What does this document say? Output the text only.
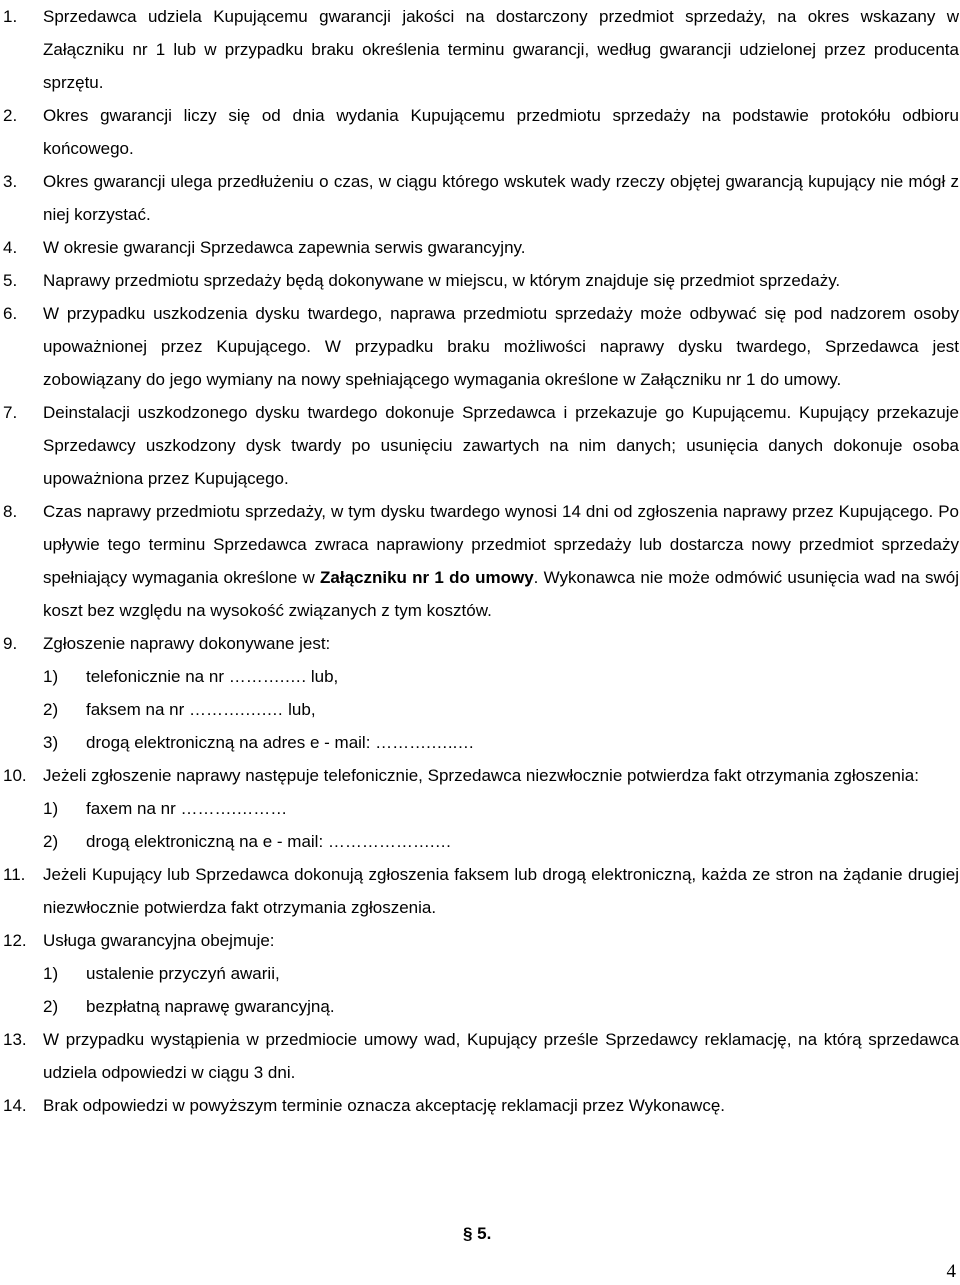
1. Sprzedawca udziela Kupującemu gwarancji jakości na dostarczony przedmiot sprzedaży, na okres wskazany w Załączniku nr 1 lub w przypadku braku określenia terminu gwarancji, według gwarancji udzielonej przez producenta sprzętu.
2. Okres gwarancji liczy się od dnia wydania Kupującemu przedmiotu sprzedaży na podstawie protokółu odbioru końcowego.
3. Okres gwarancji ulega przedłużeniu o czas, w ciągu którego wskutek wady rzeczy objętej gwarancją kupujący nie mógł z niej korzystać.
4. W okresie gwarancji Sprzedawca zapewnia serwis gwarancyjny.
5. Naprawy przedmiotu sprzedaży będą dokonywane w miejscu, w którym znajduje się przedmiot sprzedaży.
6. W przypadku uszkodzenia dysku twardego, naprawa przedmiotu sprzedaży może odbywać się pod nadzorem osoby upoważnionej przez Kupującego. W przypadku braku możliwości naprawy dysku twardego, Sprzedawca jest zobowiązany do jego wymiany na nowy spełniającego wymagania określone w Załączniku nr 1 do umowy.
7. Deinstalacji uszkodzonego dysku twardego dokonuje Sprzedawca i przekazuje go Kupującemu. Kupujący przekazuje Sprzedawcy uszkodzony dysk twardy po usunięciu zawartych na nim danych; usunięcia danych dokonuje osoba upoważniona przez Kupującego.
8. Czas naprawy przedmiotu sprzedaży, w tym dysku twardego wynosi 14 dni od zgłoszenia naprawy przez Kupującego. Po upływie tego terminu Sprzedawca zwraca naprawiony przedmiot sprzedaży lub dostarcza nowy przedmiot sprzedaży spełniający wymagania określone w Załączniku nr 1 do umowy. Wykonawca nie może odmówić usunięcia wad na swój koszt bez względu na wysokość związanych z tym kosztów.
9. Zgłoszenie naprawy dokonywane jest:
1) telefonicznie na nr ……….…. lub,
2) faksem na nr ……….….… lub,
3) drogą elektroniczną na adres e - mail: ……….…..…
10. Jeżeli zgłoszenie naprawy następuje telefonicznie, Sprzedawca niezwłocznie potwierdza fakt otrzymania zgłoszenia:
1) faxem na nr ……….………
2) drogą elektroniczną na e - mail: ……………….…
11. Jeżeli Kupujący lub Sprzedawca dokonują zgłoszenia faksem lub drogą elektroniczną, każda ze stron na żądanie drugiej niezwłocznie potwierdza fakt otrzymania zgłoszenia.
12. Usługa gwarancyjna obejmuje:
1) ustalenie przyczyń awarii,
2) bezpłatną naprawę gwarancyjną.
13. W przypadku wystąpienia w przedmiocie umowy wad, Kupujący prześle Sprzedawcy reklamację, na którą sprzedawca udziela odpowiedzi w ciągu 3 dni.
14. Brak odpowiedzi w powyższym terminie oznacza akceptację reklamacji przez Wykonawcę.
§ 5.
4
